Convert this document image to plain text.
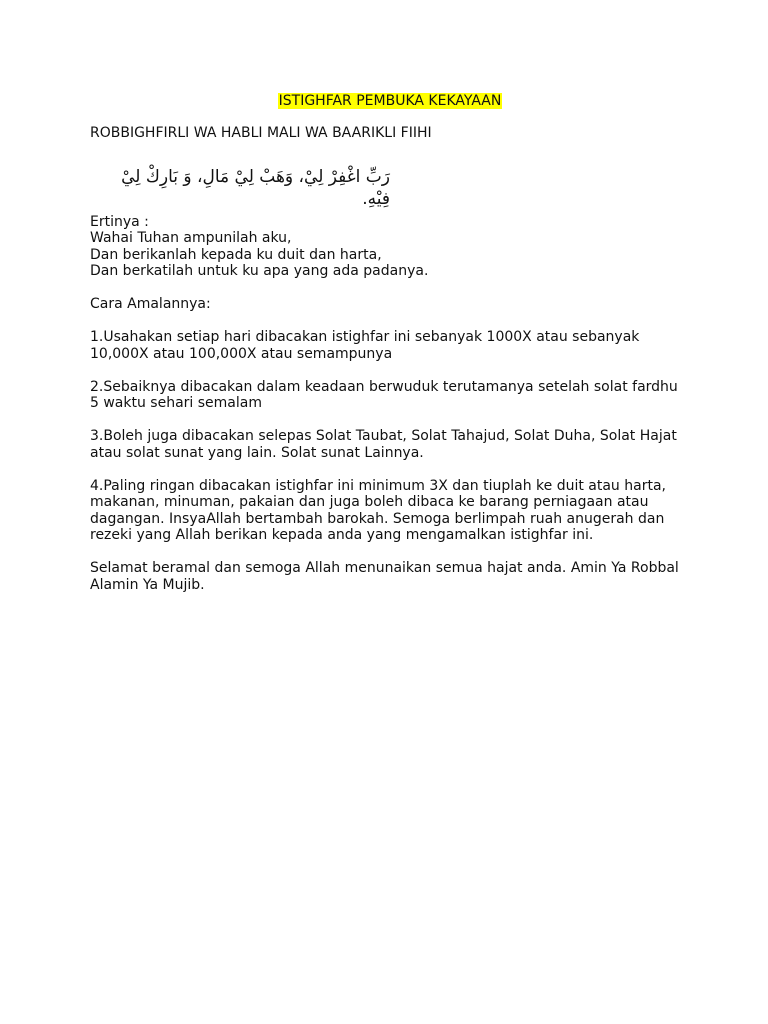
ISTIGHFAR PEMBUKA KEKAYAAN
ROBBIGHFIRLI WA HABLI MALI WA BAARIKLI FIIHI
رَبِّ اغْفِرْ لِيْ، وَهَبْ لِيْ مَالِ، وَ بَارِكْ لِيْ فِيْهِ.
Ertinya :
Wahai Tuhan ampunilah aku,
Dan berikanlah kepada ku duit dan harta,
Dan berkatilah untuk ku apa yang ada padanya.
Cara Amalannya:
1.Usahakan setiap hari dibacakan istighfar ini sebanyak 1000X atau sebanyak
10,000X atau 100,000X atau semampunya
2.Sebaiknya dibacakan dalam keadaan berwuduk terutamanya setelah solat fardhu
5 waktu sehari semalam
3.Boleh juga dibacakan selepas Solat Taubat, Solat Tahajud, Solat Duha, Solat Hajat
atau solat sunat yang lain. Solat sunat Lainnya.
4.Paling ringan dibacakan istighfar ini minimum 3X dan tiuplah ke duit atau harta,
makanan, minuman, pakaian dan juga boleh dibaca ke barang perniagaan atau
dagangan. InsyaAllah bertambah barokah. Semoga berlimpah ruah anugerah dan
rezeki yang Allah berikan kepada anda yang mengamalkan istighfar ini.
Selamat beramal dan semoga Allah menunaikan semua hajat anda. Amin Ya Robbal
Alamin Ya Mujib.
